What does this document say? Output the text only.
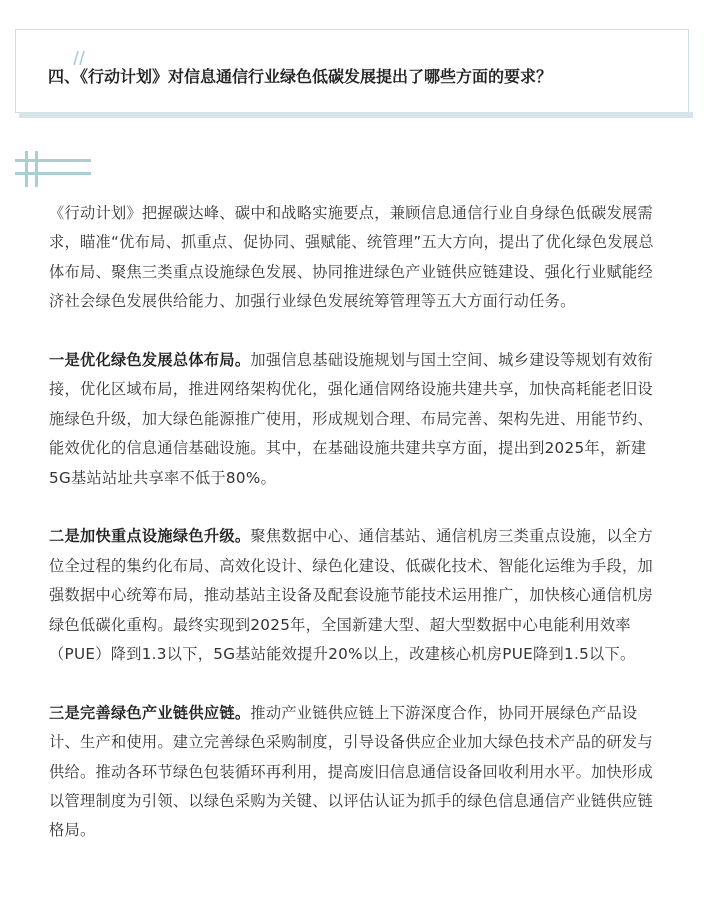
四、《行动计划》对信息通信行业绿色低碳发展提出了哪些方面的要求？

《行动计划》把握碳达峰、碳中和战略实施要点，兼顾信息通信行业自身绿色低碳发展需求，瞄准“优布局、抓重点、促协同、强赋能、统管理”五大方向，提出了优化绿色发展总体布局、聚焦三类重点设施绿色发展、协同推进绿色产业链供应链建设、强化行业赋能经济社会绿色发展供给能力、加强行业绿色发展统筹管理等五大方面行动任务。

一是优化绿色发展总体布局。加强信息基础设施规划与国土空间、城乡建设等规划有效衔接，优化区域布局，推进网络架构优化，强化通信网络设施共建共享，加快高耗能老旧设施绿色升级，加大绿色能源推广使用，形成规划合理、布局完善、架构先进、用能节约、能效优化的信息通信基础设施。其中，在基础设施共建共享方面，提出到2025年，新建5G基站站址共享率不低于80%。

二是加快重点设施绿色升级。聚焦数据中心、通信基站、通信机房三类重点设施，以全方位全过程的集约化布局、高效化设计、绿色化建设、低碳化技术、智能化运维为手段，加强数据中心统筹布局，推动基站主设备及配套设施节能技术运用推广，加快核心通信机房绿色低碳化重构。最终实现到2025年，全国新建大型、超大型数据中心电能利用效率（PUE）降到1.3以下，5G基站能效提升20%以上，改建核心机房PUE降到1.5以下。

三是完善绿色产业链供应链。推动产业链供应链上下游深度合作，协同开展绿色产品设计、生产和使用。建立完善绿色采购制度，引导设备供应企业加大绿色技术产品的研发与供给。推动各环节绿色包装循环再利用，提高废旧信息通信设备回收利用水平。加快形成以管理制度为引领、以绿色采购为关键、以评估认证为抓手的绿色信息通信产业链供应链格局。
